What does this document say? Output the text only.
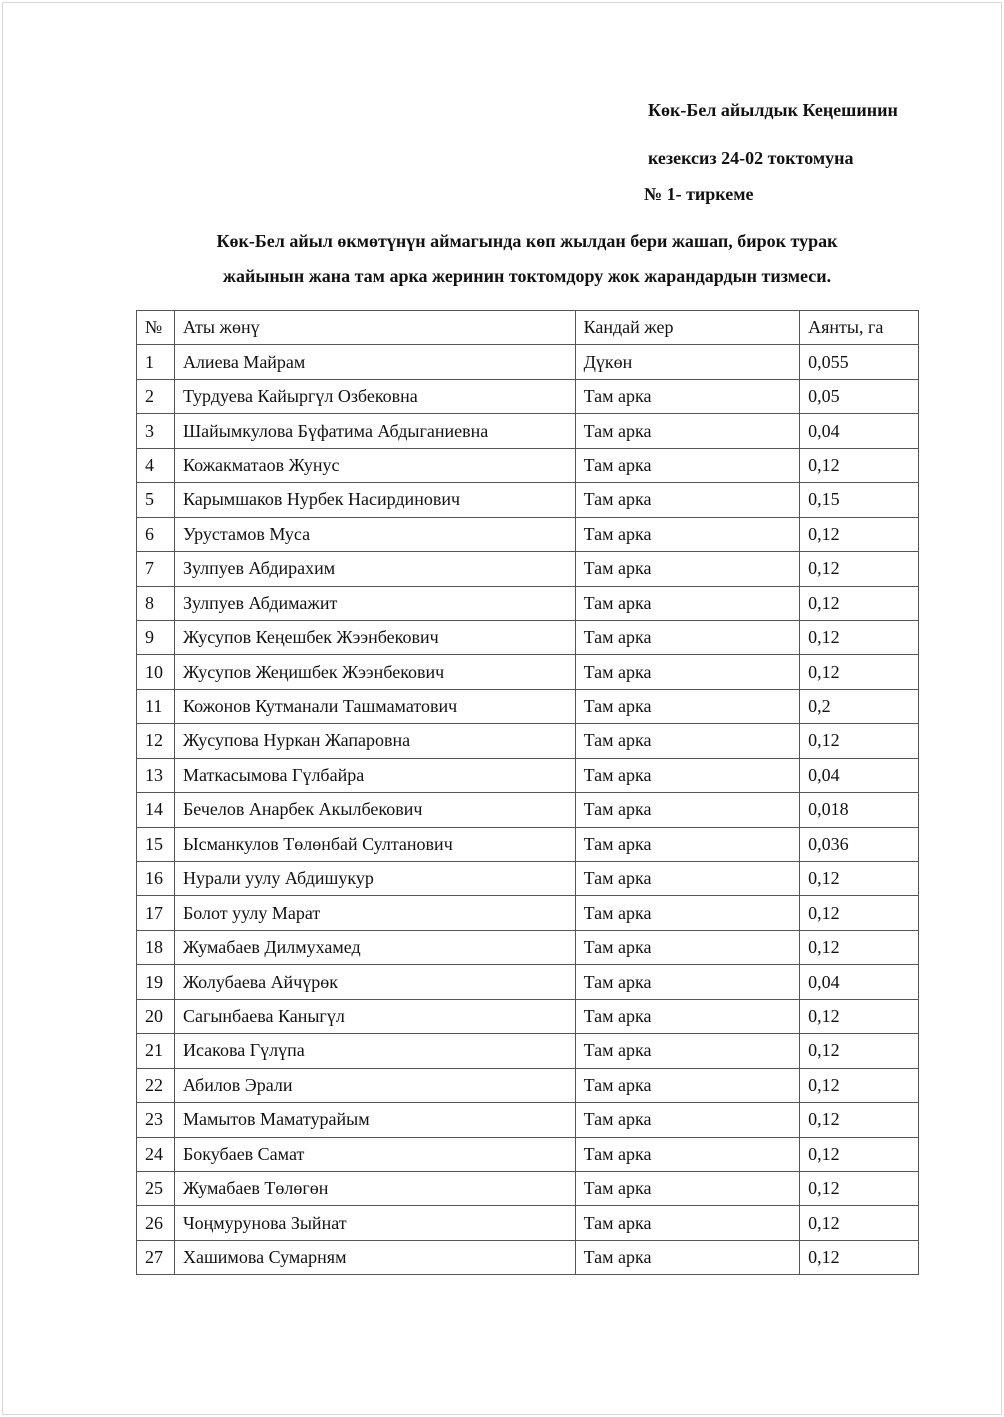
Көк-Бел айылдык Кеңешинин
кезексиз 24-02 токтомуна
№ 1- тиркеме
Көк-Бел айыл өкмөтүнүн аймагында көп жылдан бери жашап, бирок турак
жайынын жана там арка жеринин токтомдору жок жарандардын тизмеси.
№	Аты жөнү	Кандай жер	Аянты, га
1	Алиева Майрам	Дүкөн	0,055
2	Турдуева Кайыргүл Озбековна	Там арка	0,05
3	Шайымкулова Бүфатима Абдыганиевна	Там арка	0,04
4	Кожакматаов Жунус	Там арка	0,12
5	Карымшаков Нурбек Насирдинович	Там арка	0,15
6	Урустамов Муса	Там арка	0,12
7	Зулпуев Абдирахим	Там арка	0,12
8	Зулпуев Абдимажит	Там арка	0,12
9	Жусупов Кеңешбек Жээнбекович	Там арка	0,12
10	Жусупов Жеңишбек Жээнбекович	Там арка	0,12
11	Кожонов Кутманали Ташмаматович	Там арка	0,2
12	Жусупова Нуркан Жапаровна	Там арка	0,12
13	Маткасымова Гүлбайра	Там арка	0,04
14	Бечелов Анарбек Акылбекович	Там арка	0,018
15	Ысманкулов Төлөнбай Султанович	Там арка	0,036
16	Нурали уулу Абдишукур	Там арка	0,12
17	Болот уулу Марат	Там арка	0,12
18	Жумабаев Дилмухамед	Там арка	0,12
19	Жолубаева Айчүрөк	Там арка	0,04
20	Сагынбаева Каныгүл	Там арка	0,12
21	Исакова Гүлүпа	Там арка	0,12
22	Абилов Эрали	Там арка	0,12
23	Мамытов Маматурайым	Там арка	0,12
24	Бокубаев Самат	Там арка	0,12
25	Жумабаев Төлөгөн	Там арка	0,12
26	Чоңмурунова Зыйнат	Там арка	0,12
27	Хашимова Сумарням	Там арка	0,12
